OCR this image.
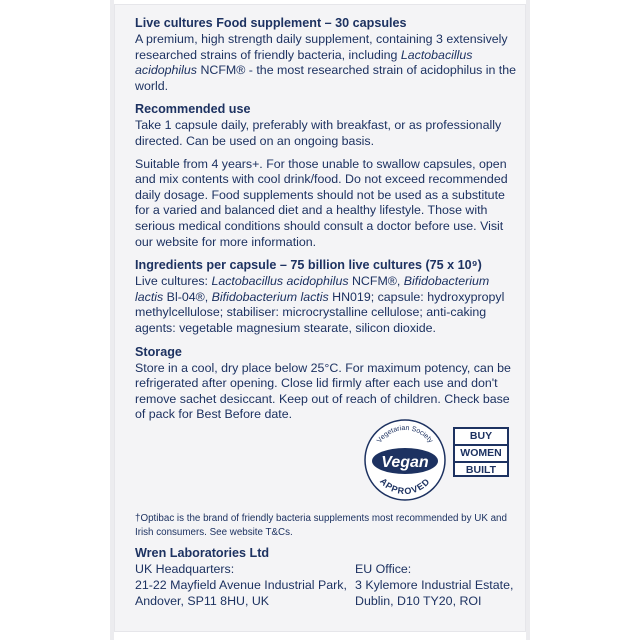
Live cultures Food supplement – 30 capsules

A premium, high strength daily supplement, containing 3 extensively researched strains of friendly bacteria, including Lactobacillus acidophilus NCFM® - the most researched strain of acidophilus in the world.

Recommended use

Take 1 capsule daily, preferably with breakfast, or as professionally directed. Can be used on an ongoing basis.

Suitable from 4 years+. For those unable to swallow capsules, open and mix contents with cool drink/food. Do not exceed recommended daily dosage. Food supplements should not be used as a substitute for a varied and balanced diet and a healthy lifestyle. Those with serious medical conditions should consult a doctor before use. Visit our website for more information.

Ingredients per capsule – 75 billion live cultures (75 x 10⁹)

Live cultures: Lactobacillus acidophilus NCFM®, Bifidobacterium lactis Bl-04®, Bifidobacterium lactis HN019; capsule: hydroxypropyl methylcellulose; stabiliser: microcrystalline cellulose; anti-caking agents: vegetable magnesium stearate, silicon dioxide.

Storage

Store in a cool, dry place below 25°C. For maximum potency, can be refrigerated after opening. Close lid firmly after each use and don't remove sachet desiccant. Keep out of reach of children. Check base of pack for Best Before date.

Vegetarian Society
Vegan
APPROVED
BUY
WOMEN
BUILT
†Optibac is the brand of friendly bacteria supplements most recommended by UK and Irish consumers. See website T&Cs.
Wren Laboratories Ltd
UK Headquarters:
21-22 Mayfield Avenue Industrial Park,
Andover, SP11 8HU, UK
EU Office:
3 Kylemore Industrial Estate,
Dublin, D10 TY20, ROI
